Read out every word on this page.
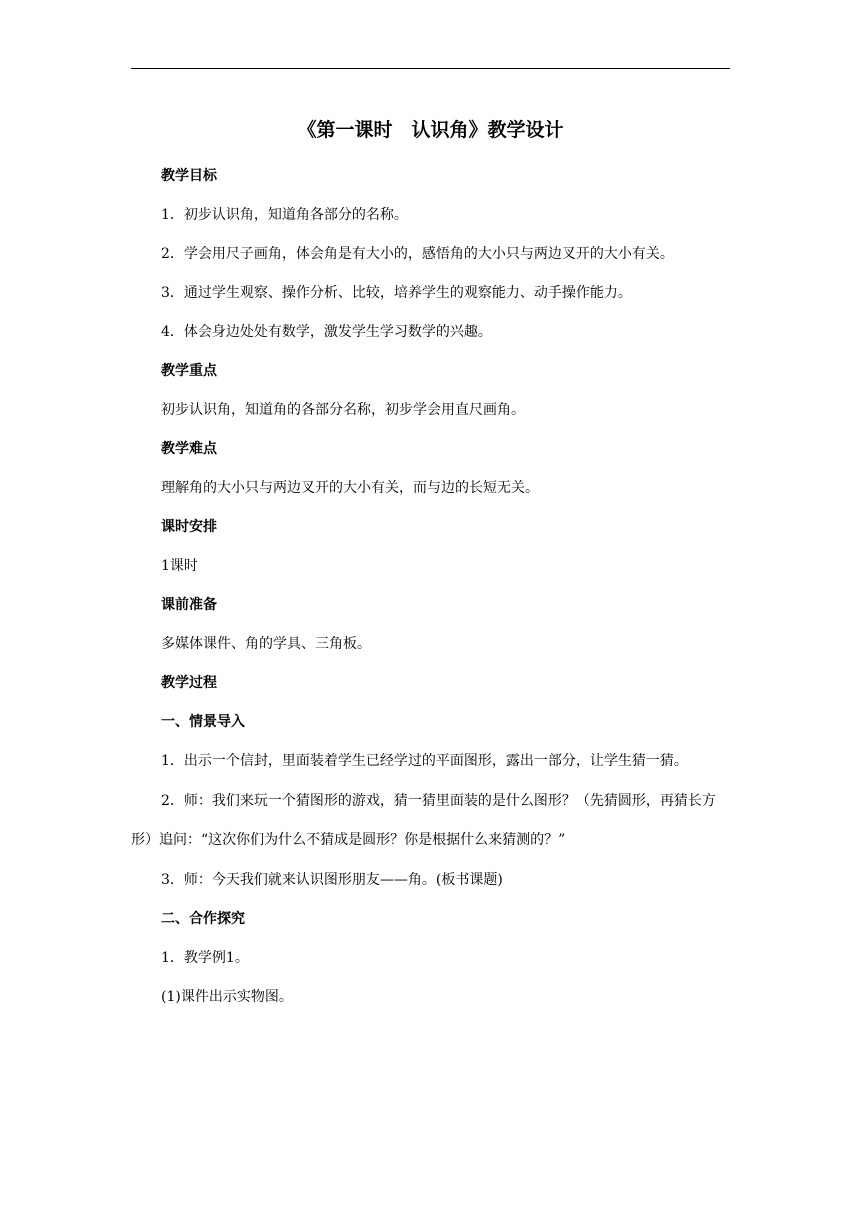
《第一课时　认识角》教学设计
教学目标
1．初步认识角，知道角各部分的名称。
2．学会用尺子画角，体会角是有大小的，感悟角的大小只与两边叉开的大小有关。
3．通过学生观察、操作分析、比较，培养学生的观察能力、动手操作能力。
4．体会身边处处有数学，激发学生学习数学的兴趣。
教学重点
初步认识角，知道角的各部分名称，初步学会用直尺画角。
教学难点
理解角的大小只与两边叉开的大小有关，而与边的长短无关。
课时安排
1课时
课前准备
多媒体课件、角的学具、三角板。
教学过程
一、情景导入
1．出示一个信封，里面装着学生已经学过的平面图形，露出一部分，让学生猜一猜。
2．师：我们来玩一个猜图形的游戏，猜一猜里面装的是什么图形？（先猜圆形，再猜长方形）追问：“这次你们为什么不猜成是圆形？你是根据什么来猜测的？”
3．师：今天我们就来认识图形朋友——角。(板书课题)
二、合作探究
1．教学例1。
(1)课件出示实物图。
